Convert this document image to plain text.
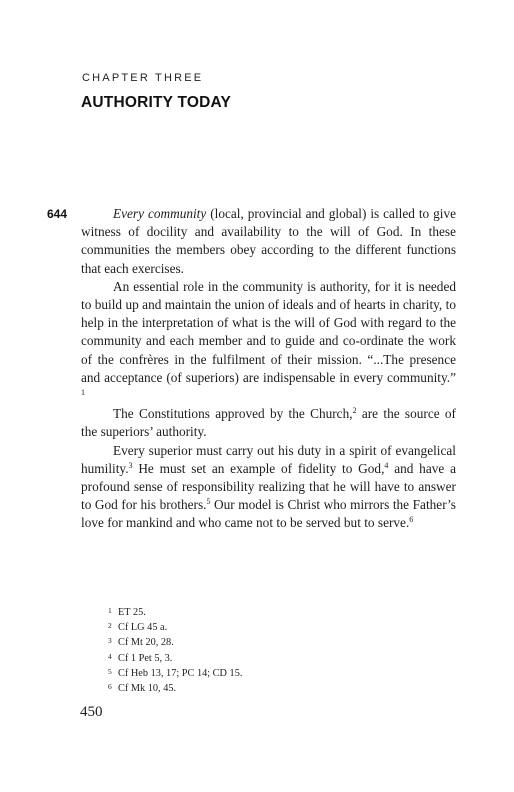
CHAPTER THREE
AUTHORITY TODAY
644	Every community (local, provincial and global) is called to give witness of docility and availability to the will of God. In these communities the members obey according to the different functions that each exercises.

An essential role in the community is authority, for it is needed to build up and maintain the union of ideals and of hearts in charity, to help in the interpretation of what is the will of God with regard to the community and each member and to guide and co-ordinate the work of the confrères in the fulfilment of their mission. “...The presence and acceptance (of superiors) are indispensable in every community.” $^1$

The Constitutions approved by the Church,$^2$ are the source of the superiors’ authority.

Every superior must carry out his duty in a spirit of evangelical humility.$^3$ He must set an example of fidelity to God,$^4$ and have a profound sense of responsibility realizing that he will have to answer to God for his brothers.$^5$ Our model is Christ who mirrors the Father’s love for mankind and who came not to be served but to serve.$^6$

1 ET 25.
2 Cf LG 45 a.
3 Cf Mt 20, 28.
4 Cf 1 Pet 5, 3.
5 Cf Heb 13, 17; PC 14; CD 15.
6 Cf Mk 10, 45.
450
